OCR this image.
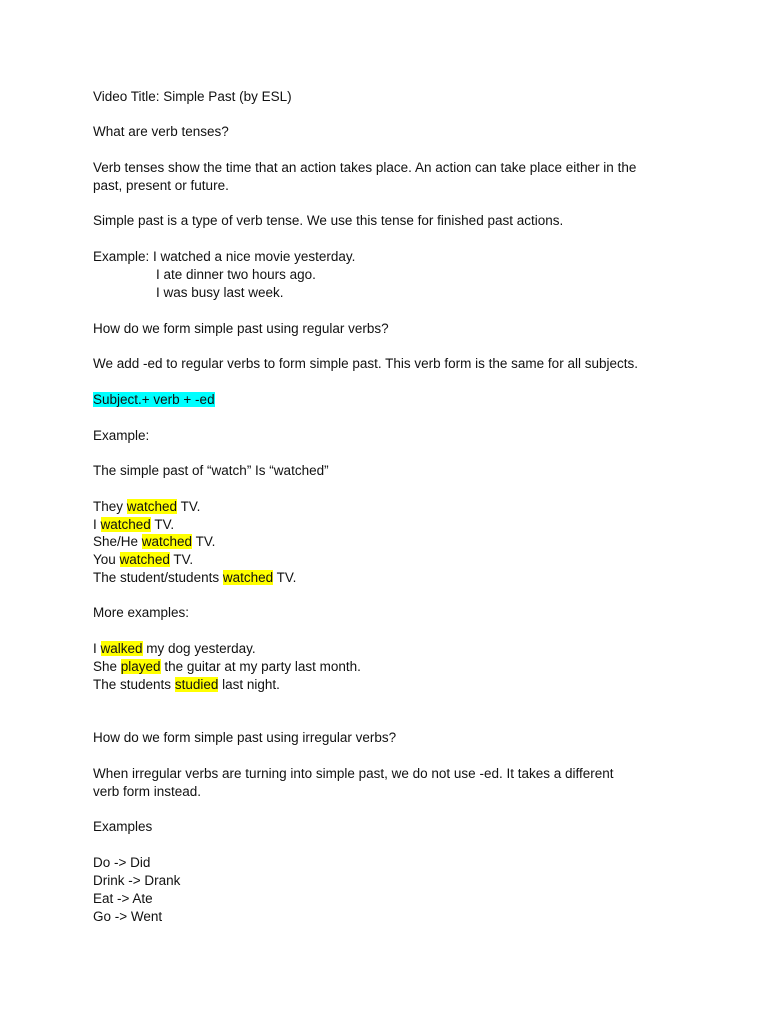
Video Title: Simple Past (by ESL)
What are verb tenses?
Verb tenses show the time that an action takes place. An action can take place either in the
past, present or future.
Simple past is a type of verb tense. We use this tense for finished past actions.
Example: I watched a nice movie yesterday.
I ate dinner two hours ago.
I was busy last week.
How do we form simple past using regular verbs?
We add -ed to regular verbs to form simple past. This verb form is the same for all subjects.
Subject.+ verb + -ed
Example:
The simple past of “watch” Is “watched”
They watched TV.
I watched TV.
She/He watched TV.
You watched TV.
The student/students watched TV.
More examples:
I walked my dog yesterday.
She played the guitar at my party last month.
The students studied last night.
How do we form simple past using irregular verbs?
When irregular verbs are turning into simple past, we do not use -ed. It takes a different
verb form instead.
Examples
Do -> Did
Drink -> Drank
Eat -> Ate
Go -> Went
